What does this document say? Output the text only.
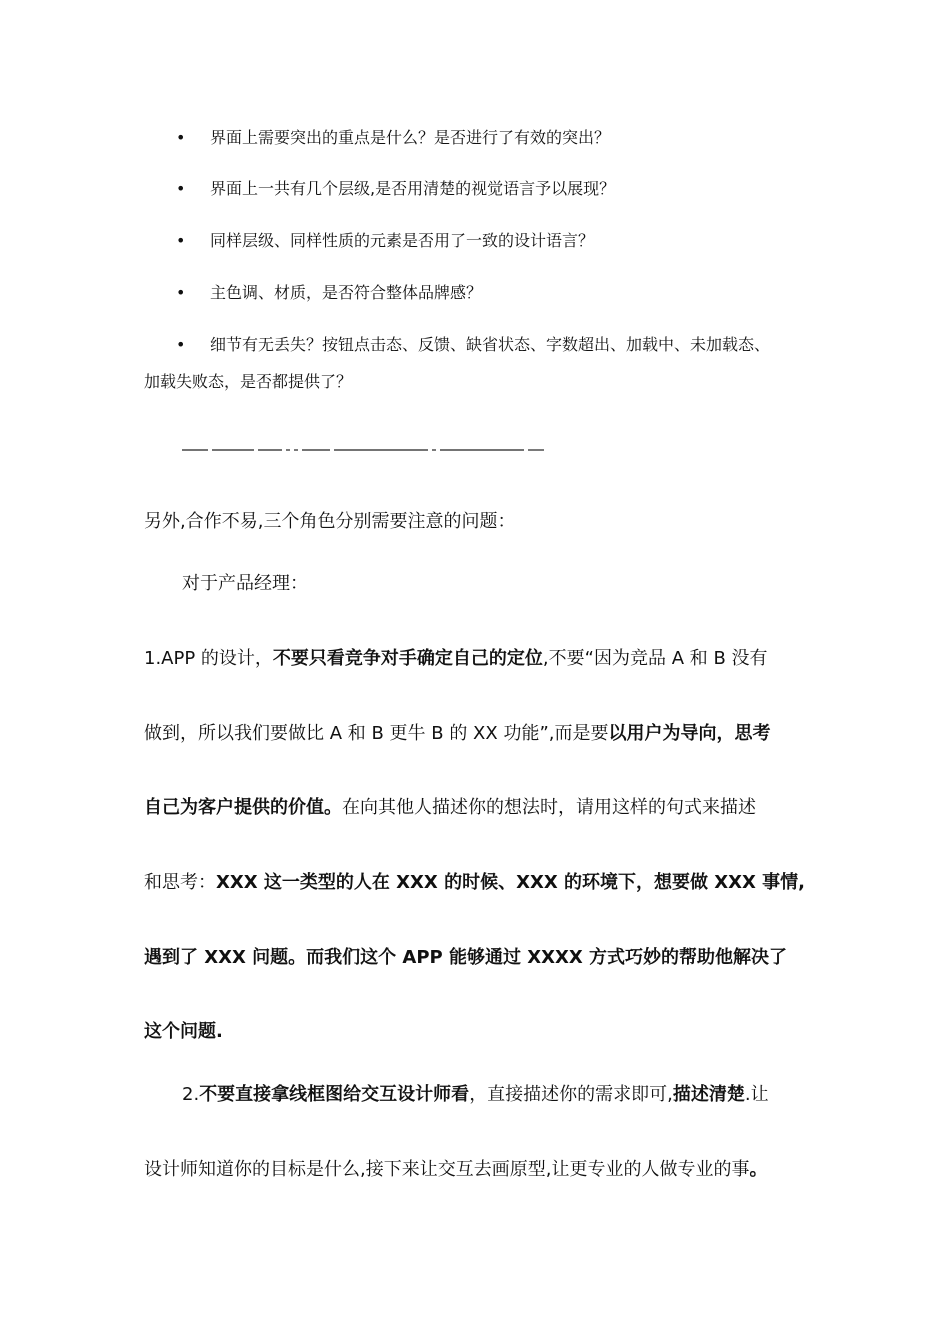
•	界面上需要突出的重点是什么？是否进行了有效的突出？
•	界面上一共有几个层级,是否用清楚的视觉语言予以展现？
•	同样层级、同样性质的元素是否用了一致的设计语言？
•	主色调、材质，是否符合整体品牌感？
•	细节有无丢失？按钮点击态、反馈、缺省状态、字数超出、加载中、未加载态、
加载失败态，是否都提供了？
另外,合作不易,三个角色分别需要注意的问题：
对于产品经理：
1.APP 的设计，不要只看竞争对手确定自己的定位,不要“因为竞品 A 和 B 没有
做到，所以我们要做比 A 和 B 更牛 B 的 XX 功能”,而是要以用户为导向，思考
自己为客户提供的价值。在向其他人描述你的想法时，请用这样的句式来描述
和思考：XXX 这一类型的人在 XXX 的时候、XXX 的环境下，想要做 XXX 事情,
遇到了 XXX 问题。而我们这个 APP 能够通过 XXXX 方式巧妙的帮助他解决了
这个问题.
2.不要直接拿线框图给交互设计师看，直接描述你的需求即可,描述清楚.让
设计师知道你的目标是什么,接下来让交互去画原型,让更专业的人做专业的事。
